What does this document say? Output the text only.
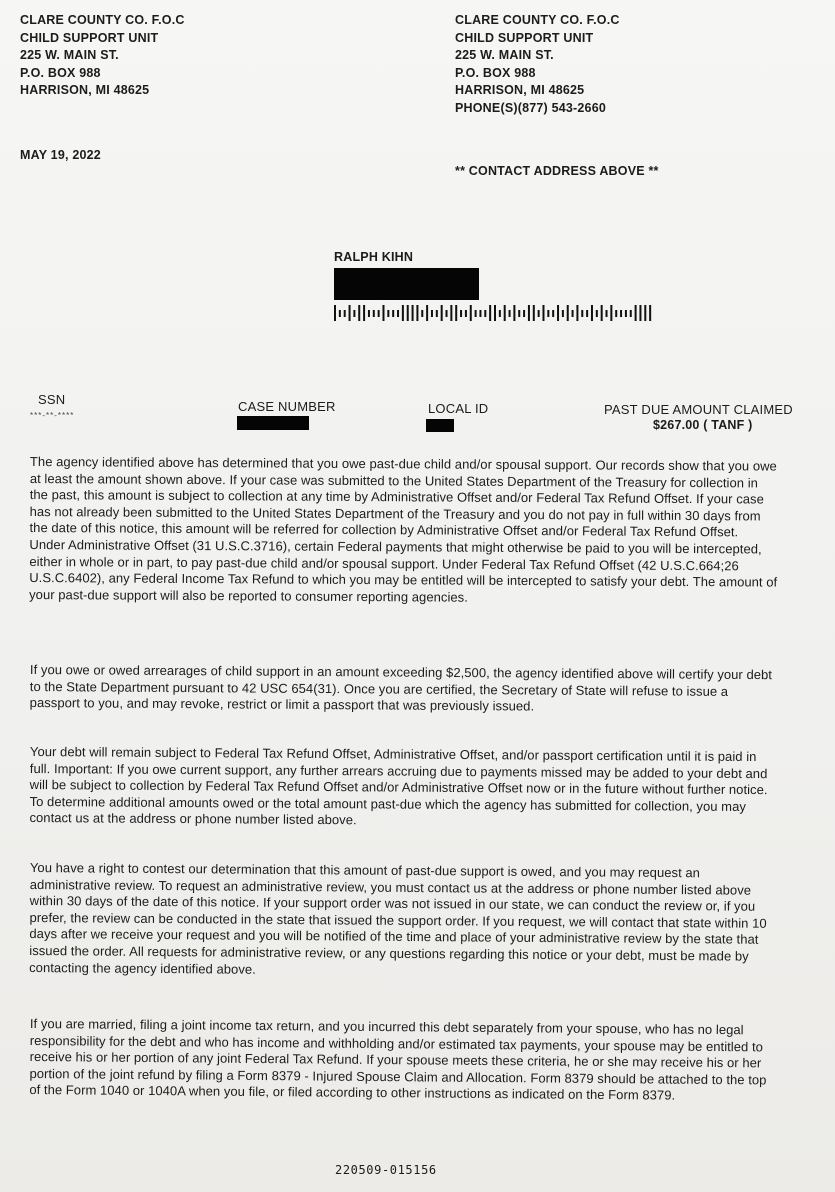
CLARE COUNTY CO. F.O.C
CHILD SUPPORT UNIT
225 W. MAIN ST.
P.O. BOX 988
HARRISON, MI 48625
CLARE COUNTY CO. F.O.C
CHILD SUPPORT UNIT
225 W. MAIN ST.
P.O. BOX 988
HARRISON, MI 48625
PHONE(S)(877) 543-2660
MAY 19, 2022
** CONTACT ADDRESS ABOVE **
RALPH KIHN
SSN
***-**-****
CASE NUMBER	LOCAL ID	PAST DUE AMOUNT CLAIMED
$267.00 ( TANF )
The agency identified above has determined that you owe past-due child and/or spousal support. Our records show that you owe at least the amount shown above. If your case was submitted to the United States Department of the Treasury for collection in the past, this amount is subject to collection at any time by Administrative Offset and/or Federal Tax Refund Offset. If your case has not already been submitted to the United States Department of the Treasury and you do not pay in full within 30 days from the date of this notice, this amount will be referred for collection by Administrative Offset and/or Federal Tax Refund Offset. Under Administrative Offset (31 U.S.C.3716), certain Federal payments that might otherwise be paid to you will be intercepted, either in whole or in part, to pay past-due child and/or spousal support. Under Federal Tax Refund Offset (42 U.S.C.664;26 U.S.C.6402), any Federal Income Tax Refund to which you may be entitled will be intercepted to satisfy your debt. The amount of your past-due support will also be reported to consumer reporting agencies.
If you owe or owed arrearages of child support in an amount exceeding $2,500, the agency identified above will certify your debt to the State Department pursuant to 42 USC 654(31). Once you are certified, the Secretary of State will refuse to issue a passport to you, and may revoke, restrict or limit a passport that was previously issued.
Your debt will remain subject to Federal Tax Refund Offset, Administrative Offset, and/or passport certification until it is paid in full. Important: If you owe current support, any further arrears accruing due to payments missed may be added to your debt and will be subject to collection by Federal Tax Refund Offset and/or Administrative Offset now or in the future without further notice. To determine additional amounts owed or the total amount past-due which the agency has submitted for collection, you may contact us at the address or phone number listed above.
You have a right to contest our determination that this amount of past-due support is owed, and you may request an administrative review. To request an administrative review, you must contact us at the address or phone number listed above within 30 days of the date of this notice. If your support order was not issued in our state, we can conduct the review or, if you prefer, the review can be conducted in the state that issued the support order. If you request, we will contact that state within 10 days after we receive your request and you will be notified of the time and place of your administrative review by the state that issued the order. All requests for administrative review, or any questions regarding this notice or your debt, must be made by contacting the agency identified above.
If you are married, filing a joint income tax return, and you incurred this debt separately from your spouse, who has no legal responsibility for the debt and who has income and withholding and/or estimated tax payments, your spouse may be entitled to receive his or her portion of any joint Federal Tax Refund. If your spouse meets these criteria, he or she may receive his or her portion of the joint refund by filing a Form 8379 - Injured Spouse Claim and Allocation. Form 8379 should be attached to the top of the Form 1040 or 1040A when you file, or filed according to other instructions as indicated on the Form 8379.
220509-015156
